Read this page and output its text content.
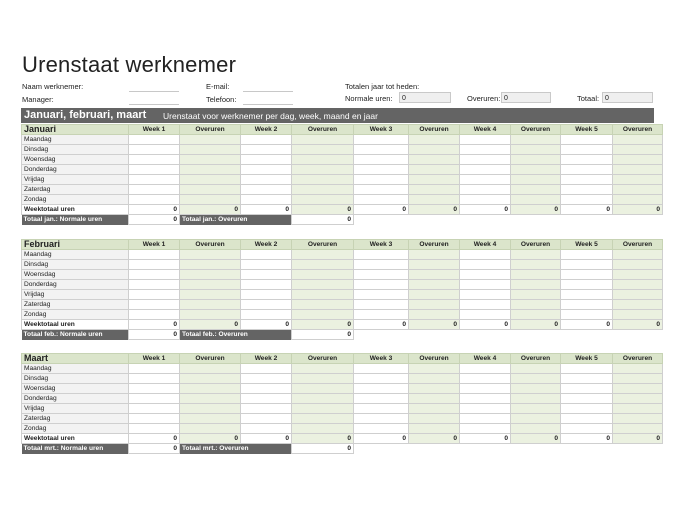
Urenstaat werknemer
Naam werknemer:
Manager:
E-mail:
Telefoon:
Totalen jaar tot heden:
Normale uren:	0	Overuren: 0	Totaal: 0
Januari, februari, maart Urenstaat voor werknemer per dag, week, maand en jaar
Januari	Week 1	Overuren	Week 2	Overuren	Week 3	Overuren	Week 4	Overuren	Week 5	Overuren
Maandag										
Dinsdag										
Woensdag										
Donderdag										
Vrijdag										
Zaterdag										
Zondag										
Weektotaal uren	0	0	0	0	0	0	0	0	0	0
Totaal jan.: Normale uren	0	Totaal jan.: Overuren		0						
Februari	Week 1	Overuren	Week 2	Overuren	Week 3	Overuren	Week 4	Overuren	Week 5	Overuren
Maandag										
Dinsdag										
Woensdag										
Donderdag										
Vrijdag										
Zaterdag										
Zondag										
Weektotaal uren	0	0	0	0	0	0	0	0	0	0
Totaal feb.: Normale uren	0	Totaal feb.: Overuren		0						
Maart	Week 1	Overuren	Week 2	Overuren	Week 3	Overuren	Week 4	Overuren	Week 5	Overuren
Maandag										
Dinsdag										
Woensdag										
Donderdag										
Vrijdag										
Zaterdag										
Zondag										
Weektotaal uren	0	0	0	0	0	0	0	0	0	0
Totaal mrt.: Normale uren	0	Totaal mrt.: Overuren		0						
